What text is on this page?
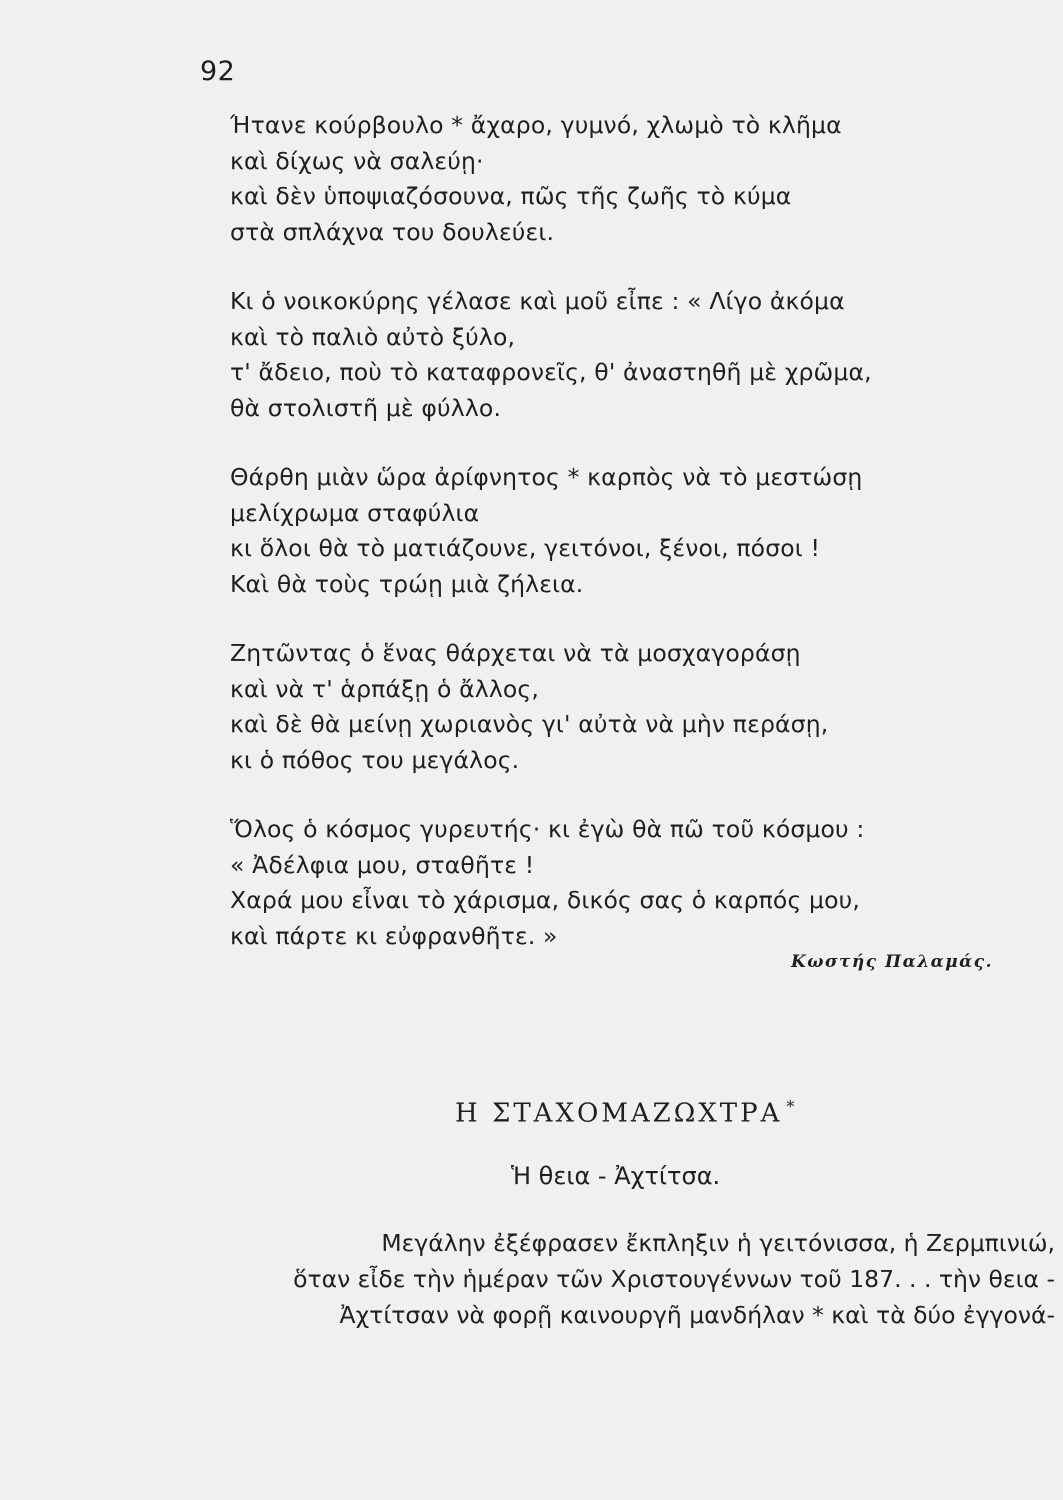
92
Ήτανε κούρβουλο * ἄχαρο, γυμνό, χλωμὸ τὸ κλῆμα
καὶ δίχως νὰ σαλεύῃ·
καὶ δὲν ὑποψιαζόσουνα, πῶς τῆς ζωῆς τὸ κύμα
στὰ σπλάχνα του δουλεύει.
Κι ὁ νοικοκύρης γέλασε καὶ μοῦ εἶπε : « Λίγο ἀκόμα
καὶ τὸ παλιὸ αὐτὸ ξύλο,
τ' ἄδειο, ποὺ τὸ καταφρονεῖς, θ' ἀναστηθῆ μὲ χρῶμα,
θὰ στολιστῆ μὲ φύλλο.
Θάρθη μιὰν ὥρα ἀρίφνητος * καρπὸς νὰ τὸ μεστώσῃ
μελίχρωμα σταφύλια
κι ὅλοι θὰ τὸ ματιάζουνε, γειτόνοι, ξένοι, πόσοι !
Καὶ θὰ τοὺς τρώῃ μιὰ ζήλεια.
Ζητῶντας ὁ ἕνας θάρχεται νὰ τὰ μοσχαγοράσῃ
καὶ νὰ τ' ἁρπάξῃ ὁ ἄλλος,
καὶ δὲ θὰ μείνῃ χωριανὸς γι' αὐτὰ νὰ μὴν περάσῃ,
κι ὁ πόθος του μεγάλος.
Ὅλος ὁ κόσμος γυρευτής· κι ἐγὼ θὰ πῶ τοῦ κόσμου :
« Ἀδέλφια μου, σταθῆτε !
Χαρά μου εἶναι τὸ χάρισμα, δικός σας ὁ καρπός μου,
καὶ πάρτε κι εὐφρανθῆτε. »
Κωστής Παλαμάς.
Η ΣΤΑΧΟΜΑΖΩΧΤΡΑ *
Ἡ θεια - Ἀχτίτσα.
Μεγάλην ἐξέφρασεν ἔκπληξιν ἡ γειτόνισσα, ἡ Ζερμπινιώ,
ὅταν εἶδε τὴν ἡμέραν τῶν Χριστουγέννων τοῦ 187. . . τὴν θεια -
Ἀχτίτσαν νὰ φορῇ καινουργῆ μανδήλαν * καὶ τὰ δύο ἐγγονά-
